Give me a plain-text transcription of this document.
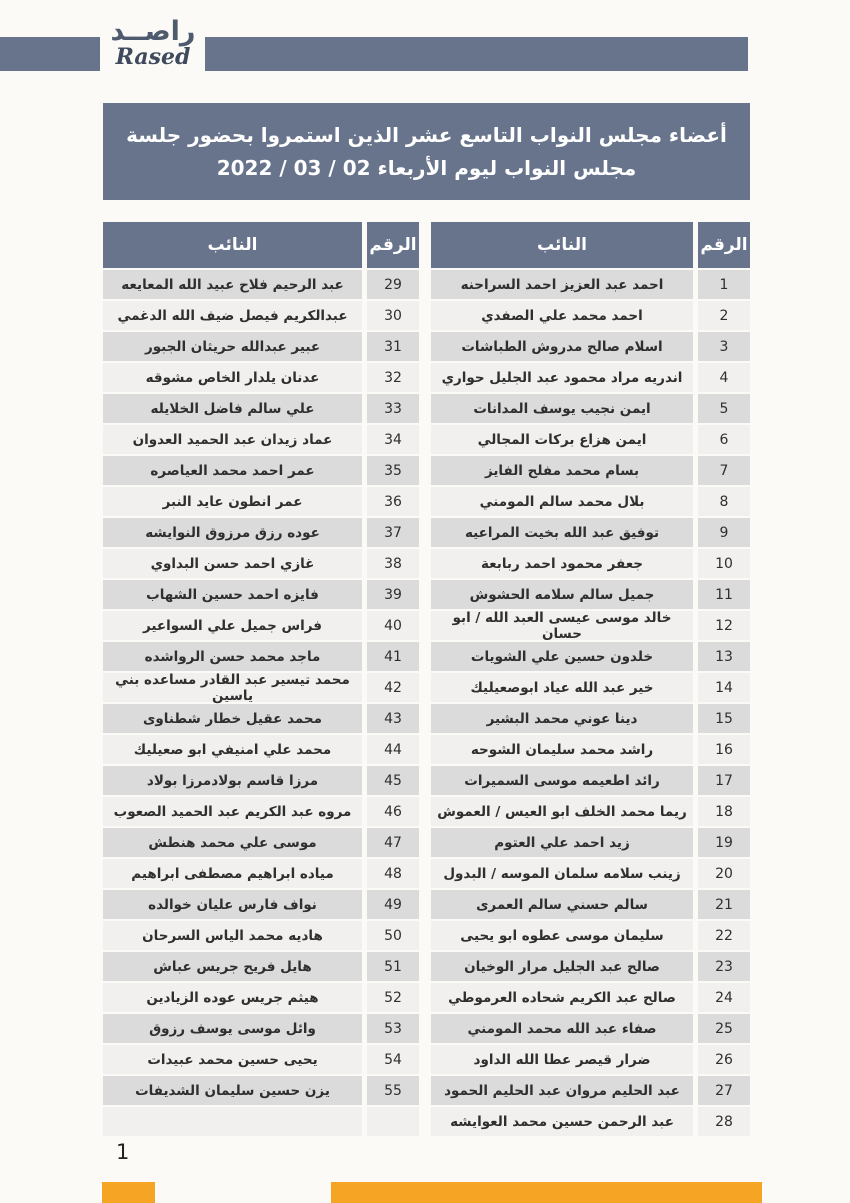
راصــد
Rased
أعضاء مجلس النواب التاسع عشر الذين استمروا بحضور جلسة
مجلس النواب ليوم الأربعاء 02 / 03 / 2022
الرقم
النائب
1
احمد عبد العزيز احمد السراحنه
2
احمد محمد علي الصفدي
3
اسلام صالح مدروش الطباشات
4
اندريه مراد محمود عبد الجليل حواري
5
ايمن نجيب يوسف المدانات
6
ايمن هزاع بركات المجالي
7
بسام محمد مفلح الفايز
8
بلال محمد سالم المومني
9
توفيق عبد الله بخيت المراعيه
10
جعفر محمود احمد ربابعة
11
جميل سالم سلامه الحشوش
12
خالد موسى عيسى العبد الله / ابو حسان
13
خلدون حسين علي الشويات
14
خير عبد الله عياد ابوصعيليك
15
دينا عوني محمد البشير
16
راشد محمد سليمان الشوحه
17
رائد اطعيمه موسى السميرات
18
ريما محمد الخلف ابو العيس / العموش
19
زيد احمد علي العتوم
20
زينب سلامه سلمان الموسه / البدول
21
سالم حسني سالم العمرى
22
سليمان موسى عطوه ابو يحيى
23
صالح عبد الجليل مرار الوخيان
24
صالح عبد الكريم شحاده العرموطي
25
صفاء عبد الله محمد المومني
26
ضرار قيصر عطا الله الداود
27
عبد الحليم مروان عبد الحليم الحمود
28
عبد الرحمن حسين محمد العوايشه
الرقم
النائب
29
عبد الرحيم فلاح عبيد الله المعايعه
30
عبدالكريم فيصل ضيف الله الدغمي
31
عبير عبدالله حريثان الجبور
32
عدنان يلدار الخاص مشوقه
33
علي سالم فاضل الخلايله
34
عماد زيدان عبد الحميد العدوان
35
عمر احمد محمد العياصره
36
عمر انطون عايد النبر
37
عوده رزق مرزوق النوايشه
38
غازي احمد حسن البداوي
39
فايزه احمد حسين الشهاب
40
فراس جميل علي السواعير
41
ماجد محمد حسن الرواشده
42
محمد تيسير عبد القادر مساعده بني ياسين
43
محمد عقيل خطار شطناوى
44
محمد علي امنيفي ابو صعيليك
45
مرزا قاسم بولادمرزا بولاد
46
مروه عبد الكريم عبد الحميد الصعوب
47
موسى علي محمد هنطش
48
مياده ابراهيم مصطفى ابراهيم
49
نواف فارس عليان خوالده
50
هاديه محمد الياس السرحان
51
هايل فريح جريس عباش
52
هيثم جريس عوده الزيادين
53
وائل موسى يوسف رزوق
54
يحيى حسين محمد عبيدات
55
يزن حسين سليمان الشديفات
1
